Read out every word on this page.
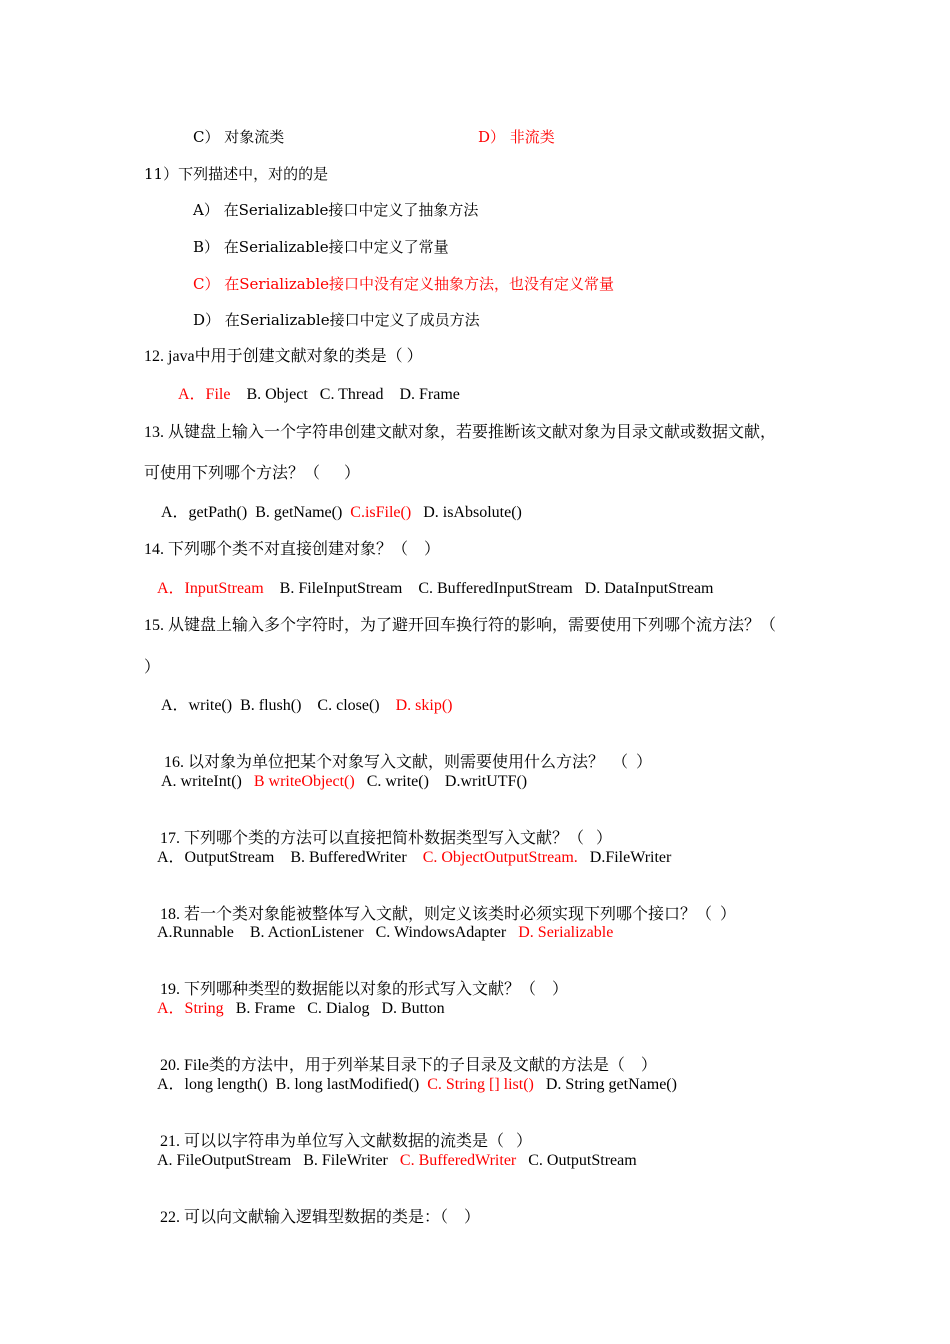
C） 对象流类	D） 非流类
11）下列描述中，对的的是
A） 在Serializable接口中定义了抽象方法
B） 在Serializable接口中定义了常量
C） 在Serializable接口中没有定义抽象方法，也没有定义常量
D） 在Serializable接口中定义了成员方法
12. java中用于创建文献对象的类是（ ）
A．File    B. Object   C. Thread    D. Frame
13. 从键盘上输入一个字符串创建文献对象，若要推断该文献对象为目录文献或数据文献，
可使用下列哪个方法？（      ）
A．getPath()  B. getName()  C.isFile()   D. isAbsolute()
14. 下列哪个类不对直接创建对象？（    ）
A．InputStream    B. FileInputStream    C. BufferedInputStream   D. DataInputStream
15. 从键盘上输入多个字符时，为了避开回车换行符的影响，需要使用下列哪个流方法？（
）
A．write()  B. flush()    C. close()    D. skip()

16. 以对象为单位把某个对象写入文献，则需要使用什么方法？  （  ）

A. writeInt()   B writeObject()   C. write()    D.writUTF()

17. 下列哪个类的方法可以直接把简朴数据类型写入文献？（   ）

A．OutputStream    B. BufferedWriter    C. ObjectOutputStream.   D.FileWriter

18. 若一个类对象能被整体写入文献，则定义该类时必须实现下列哪个接口？（  ）

A.Runnable    B. ActionListener   C. WindowsAdapter   D. Serializable

19. 下列哪种类型的数据能以对象的形式写入文献？（    ）

A．String   B. Frame   C. Dialog   D. Button

20. File类的方法中，用于列举某目录下的子目录及文献的方法是（    ）

A．long length()  B. long lastModified()  C. String [] list()   D. String getName()

21. 可以以字符串为单位写入文献数据的流类是（   ）

A. FileOutputStream   B. FileWriter   C. BufferedWriter   C. OutputStream

22. 可以向文献输入逻辑型数据的类是：（    ）
